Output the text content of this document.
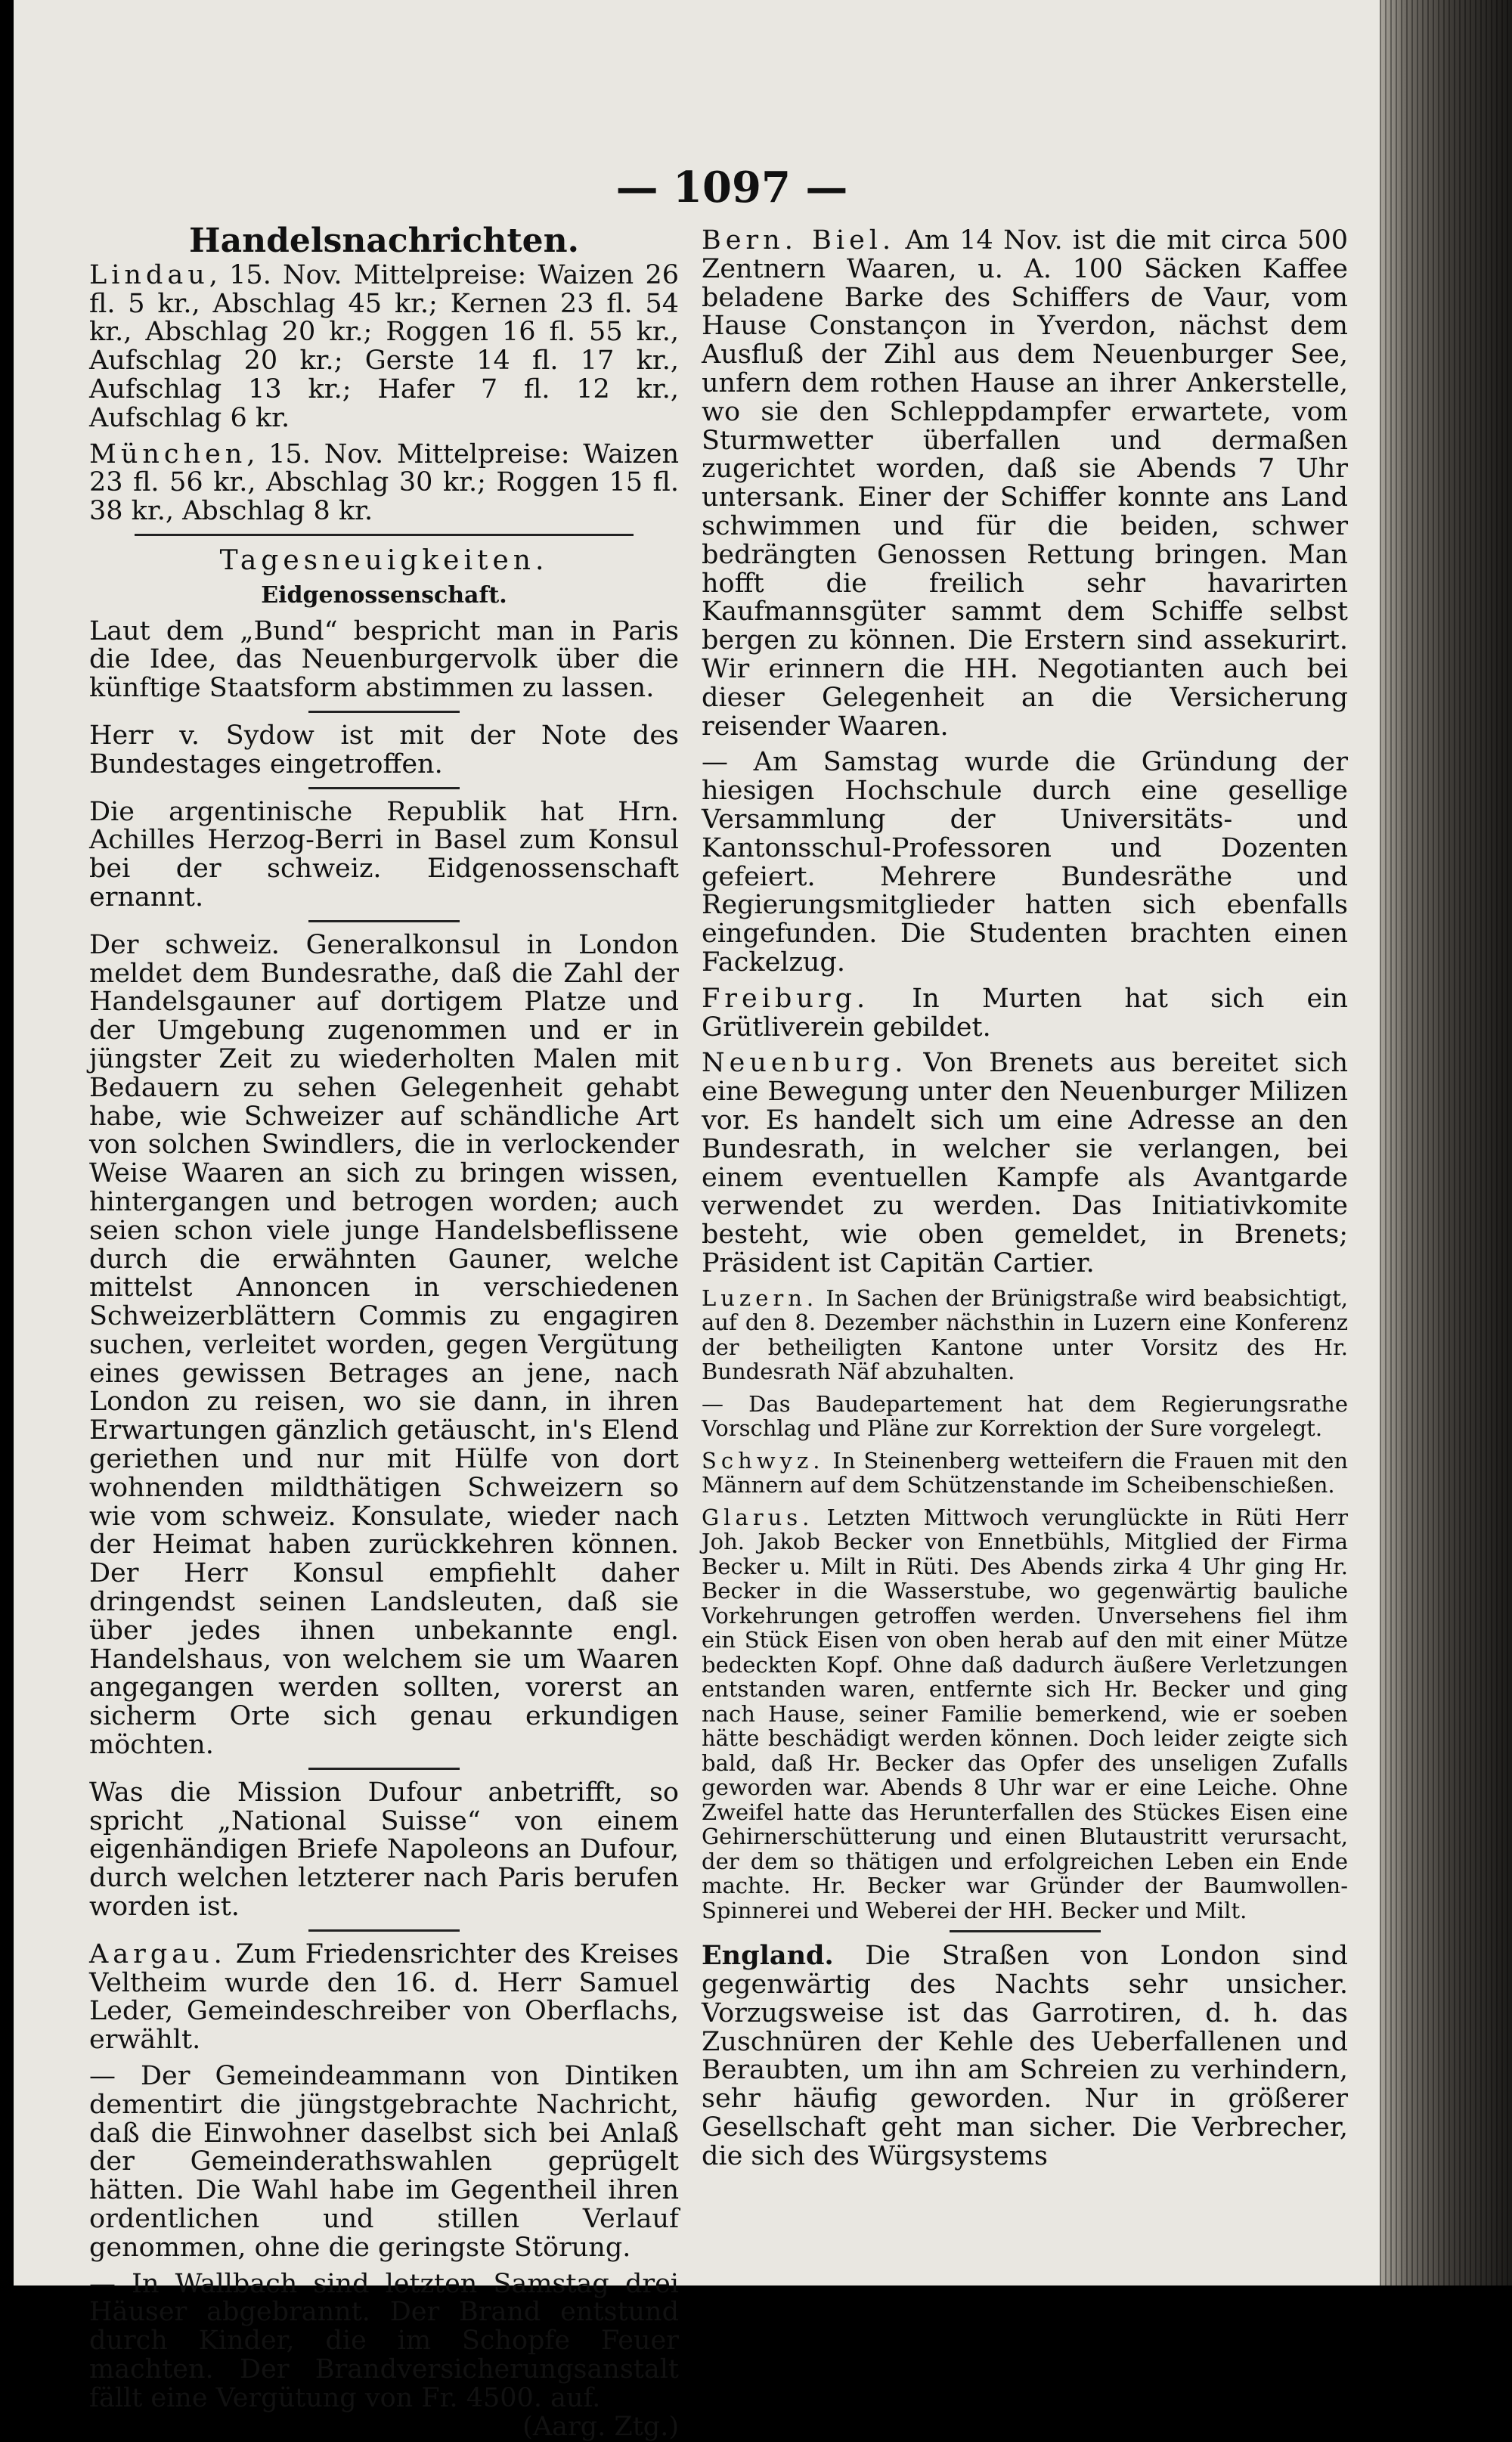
— 1097 —
Handelsnachrichten.

Lindau, 15. Nov. Mittelpreise: Waizen 26 fl. 5 kr., Abschlag 45 kr.; Kernen 23 fl. 54 kr., Abschlag 20 kr.; Roggen 16 fl. 55 kr., Aufschlag 20 kr.; Gerste 14 fl. 17 kr., Aufschlag 13 kr.; Hafer 7 fl. 12 kr., Aufschlag 6 kr.

München, 15. Nov. Mittelpreise: Waizen 23 fl. 56 kr., Abschlag 30 kr.; Roggen 15 fl. 38 kr., Abschlag 8 kr.

Tagesneuigkeiten.
Eidgenossenschaft.

Laut dem „Bund“ bespricht man in Paris die Idee, das Neuenburgervolk über die künftige Staatsform abstimmen zu lassen.

Herr v. Sydow ist mit der Note des Bundestages eingetroffen.

Die argentinische Republik hat Hrn. Achilles Herzog-Berri in Basel zum Konsul bei der schweiz. Eidgenossenschaft ernannt.

Der schweiz. Generalkonsul in London meldet dem Bundesrathe, daß die Zahl der Handelsgauner auf dortigem Platze und der Umgebung zugenommen und er in jüngster Zeit zu wiederholten Malen mit Bedauern zu sehen Gelegenheit gehabt habe, wie Schweizer auf schändliche Art von solchen Swindlers, die in verlockender Weise Waaren an sich zu bringen wissen, hintergangen und betrogen worden; auch seien schon viele junge Handelsbeflissene durch die erwähnten Gauner, welche mittelst Annoncen in verschiedenen Schweizerblättern Commis zu engagiren suchen, verleitet worden, gegen Vergütung eines gewissen Betrages an jene, nach London zu reisen, wo sie dann, in ihren Erwartungen gänzlich getäuscht, in's Elend geriethen und nur mit Hülfe von dort wohnenden mildthätigen Schweizern so wie vom schweiz. Konsulate, wieder nach der Heimat haben zurückkehren können. Der Herr Konsul empfiehlt daher dringendst seinen Landsleuten, daß sie über jedes ihnen unbekannte engl. Handelshaus, von welchem sie um Waaren angegangen werden sollten, vorerst an sicherm Orte sich genau erkundigen möchten.

Was die Mission Dufour anbetrifft, so spricht „National Suisse“ von einem eigenhändigen Briefe Napoleons an Dufour, durch welchen letzterer nach Paris berufen worden ist.

Aargau. Zum Friedensrichter des Kreises Veltheim wurde den 16. d. Herr Samuel Leder, Gemeindeschreiber von Oberflachs, erwählt.

— Der Gemeindeammann von Dintiken dementirt die jüngstgebrachte Nachricht, daß die Einwohner daselbst sich bei Anlaß der Gemeinderathswahlen geprügelt hätten. Die Wahl habe im Gegentheil ihren ordentlichen und stillen Verlauf genommen, ohne die geringste Störung.

— In Wallbach sind letzten Samstag drei Häuser abgebrannt. Der Brand entstund durch Kinder, die im Schopfe Feuer machten. Der Brandversicherungsanstalt fällt eine Vergütung von Fr. 4500. auf.
(Aarg. Ztg.)

Bern. Biel. Am 14 Nov. ist die mit circa 500 Zentnern Waaren, u. A. 100 Säcken Kaffee beladene Barke des Schiffers de Vaur, vom Hause Constançon in Yverdon, nächst dem Ausfluß der Zihl aus dem Neuenburger See, unfern dem rothen Hause an ihrer Ankerstelle, wo sie den Schleppdampfer erwartete, vom Sturmwetter überfallen und dermaßen zugerichtet worden, daß sie Abends 7 Uhr untersank. Einer der Schiffer konnte ans Land schwimmen und für die beiden, schwer bedrängten Genossen Rettung bringen. Man hofft die freilich sehr havarirten Kaufmannsgüter sammt dem Schiffe selbst bergen zu können. Die Erstern sind assekurirt. Wir erinnern die HH. Negotianten auch bei dieser Gelegenheit an die Versicherung reisender Waaren.

— Am Samstag wurde die Gründung der hiesigen Hochschule durch eine gesellige Versammlung der Universitäts- und Kantonsschul-Professoren und Dozenten gefeiert. Mehrere Bundesräthe und Regierungsmitglieder hatten sich ebenfalls eingefunden. Die Studenten brachten einen Fackelzug.

Freiburg. In Murten hat sich ein Grütliverein gebildet.

Neuenburg. Von Brenets aus bereitet sich eine Bewegung unter den Neuenburger Milizen vor. Es handelt sich um eine Adresse an den Bundesrath, in welcher sie verlangen, bei einem eventuellen Kampfe als Avantgarde verwendet zu werden. Das Initiativkomite besteht, wie oben gemeldet, in Brenets; Präsident ist Capitän Cartier.

Luzern. In Sachen der Brünigstraße wird beabsichtigt, auf den 8. Dezember nächsthin in Luzern eine Konferenz der betheiligten Kantone unter Vorsitz des Hr. Bundesrath Näf abzuhalten.

— Das Baudepartement hat dem Regierungsrathe Vorschlag und Pläne zur Korrektion der Sure vorgelegt.

Schwyz. In Steinenberg wetteifern die Frauen mit den Männern auf dem Schützenstande im Scheibenschießen.

Glarus. Letzten Mittwoch verunglückte in Rüti Herr Joh. Jakob Becker von Ennetbühls, Mitglied der Firma Becker u. Milt in Rüti. Des Abends zirka 4 Uhr ging Hr. Becker in die Wasserstube, wo gegenwärtig bauliche Vorkehrungen getroffen werden. Unversehens fiel ihm ein Stück Eisen von oben herab auf den mit einer Mütze bedeckten Kopf. Ohne daß dadurch äußere Verletzungen entstanden waren, entfernte sich Hr. Becker und ging nach Hause, seiner Familie bemerkend, wie er soeben hätte beschädigt werden können. Doch leider zeigte sich bald, daß Hr. Becker das Opfer des unseligen Zufalls geworden war. Abends 8 Uhr war er eine Leiche. Ohne Zweifel hatte das Herunterfallen des Stückes Eisen eine Gehirnerschütterung und einen Blutaustritt verursacht, der dem so thätigen und erfolgreichen Leben ein Ende machte. Hr. Becker war Gründer der Baumwollen-Spinnerei und Weberei der HH. Becker und Milt.

England. Die Straßen von London sind gegenwärtig des Nachts sehr unsicher. Vorzugsweise ist das Garrotiren, d. h. das Zuschnüren der Kehle des Ueberfallenen und Beraubten, um ihn am Schreien zu verhindern, sehr häufig geworden. Nur in größerer Gesellschaft geht man sicher. Die Verbrecher, die sich des Würgsystems
